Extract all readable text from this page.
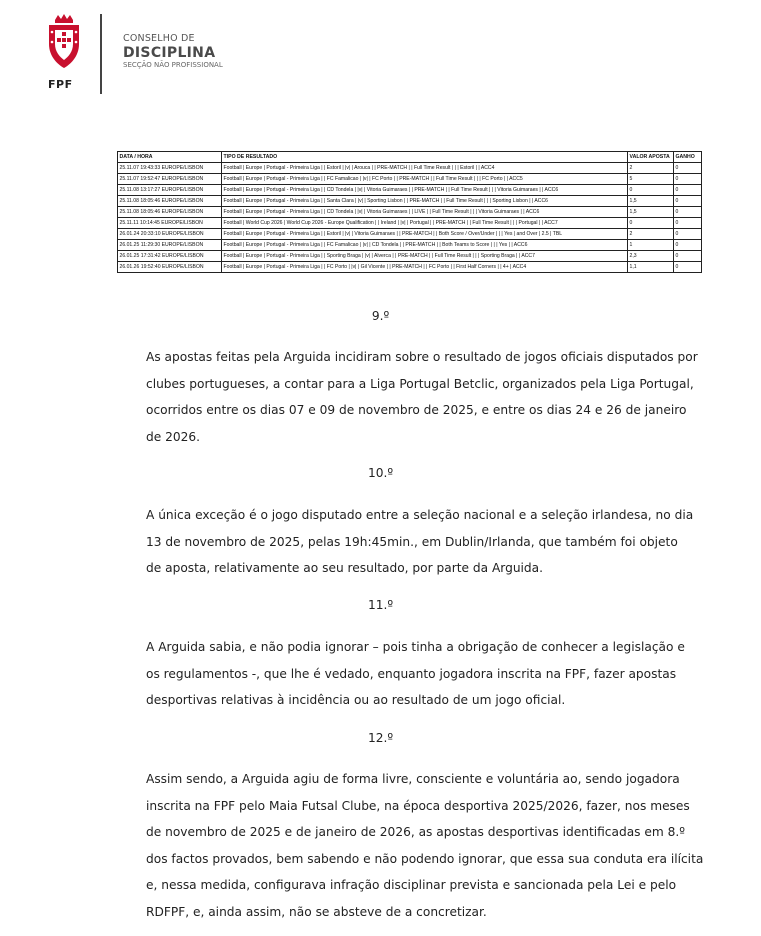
FPF
CONSELHO DE
DISCIPLINA
SECÇÃO NÃO PROFISSIONAL
DATA / HORA	TIPO DE RESULTADO	VALOR APOSTA	GANHO
25.11.07 19:43:33 EUROPE/LISBON	Football | Europe | Portugal - Primeira Liga | | Estoril | |v| | Arouca | | PRE-MATCH | | Full Time Result | | | Estoril | | ACC4	2	0
25.11.07 19:52:47 EUROPE/LISBON	Football | Europe | Portugal - Primeira Liga | | FC Famalicao | |v| | FC Porto | | PRE-MATCH | | Full Time Result | | | FC Porto | | ACC5	5	0
25.11.08 13:17:27 EUROPE/LISBON	Football | Europe | Portugal - Primeira Liga | | CD Tondela | |v| | Vitoria Guimaraes | | PRE-MATCH | | Full Time Result | | | Vitoria Guimaraes | | ACC6	0	0
25.11.08 18:05:46 EUROPE/LISBON	Football | Europe | Portugal - Primeira Liga | | Santa Clara | |v| | Sporting Lisbon | | PRE-MATCH | | Full Time Result | | | Sporting Lisbon | | ACC6	1,5	0
25.11.08 18:05:46 EUROPE/LISBON	Football | Europe | Portugal - Primeira Liga | | CD Tondela | |v| | Vitoria Guimaraes | | LIVE | | Full Time Result | | | Vitoria Guimaraes | | ACC6	1,5	0
25.11.11 10:14:45 EUROPE/LISBON	Football | World Cup 2026 | World Cup 2026 - Europe Qualification | | Ireland | |v| | Portugal | | PRE-MATCH | | Full Time Result | | | Portugal | | ACC7	0	0
26.01.24 20:33:10 EUROPE/LISBON	Football | Europe | Portugal - Primeira Liga | | Estoril | |v| | Vitoria Guimaraes | | PRE-MATCH | | Both Score / Over/Under | | | Yes | and Over | 2.5 | TBL	2	0
26.01.25 11:29:30 EUROPE/LISBON	Football | Europe | Portugal - Primeira Liga | | FC Famalicao | |v| | CD Tondela | | PRE-MATCH | | Both Teams to Score | | | Yes | | ACC6	1	0
26.01.25 17:31:42 EUROPE/LISBON	Football | Europe | Portugal - Primeira Liga | | Sporting Braga | |v| | Alverca | | PRE-MATCH | | Full Time Result | | | Sporting Braga | | ACC7	2,3	0
26.01.26 19:52:40 EUROPE/LISBON	Football | Europe | Portugal - Primeira Liga | | FC Porto | |v| | Gil Vicente | | PRE-MATCH | | FC Porto | | First Half Corners | | 4+ | ACC4	1,1	0
9.º
As apostas feitas pela Arguida incidiram sobre o resultado de jogos oficiais disputados por
clubes portugueses, a contar para a Liga Portugal Betclic, organizados pela Liga Portugal,
ocorridos entre os dias 07 e 09 de novembro de 2025, e entre os dias 24 e 26 de janeiro
de 2026.
10.º
A única exceção é o jogo disputado entre a seleção nacional e a seleção irlandesa, no dia
13 de novembro de 2025, pelas 19h:45min., em Dublin/Irlanda, que também foi objeto
de aposta, relativamente ao seu resultado, por parte da Arguida.
11.º
A Arguida sabia, e não podia ignorar – pois tinha a obrigação de conhecer a legislação e
os regulamentos -, que lhe é vedado, enquanto jogadora inscrita na FPF, fazer apostas
desportivas relativas à incidência ou ao resultado de um jogo oficial.
12.º
Assim sendo, a Arguida agiu de forma livre, consciente e voluntária ao, sendo jogadora
inscrita na FPF pelo Maia Futsal Clube, na época desportiva 2025/2026, fazer, nos meses
de novembro de 2025 e de janeiro de 2026, as apostas desportivas identificadas em 8.º
dos factos provados, bem sabendo e não podendo ignorar, que essa sua conduta era ilícita
e, nessa medida, configurava infração disciplinar prevista e sancionada pela Lei e pelo
RDFPF, e, ainda assim, não se absteve de a concretizar.
